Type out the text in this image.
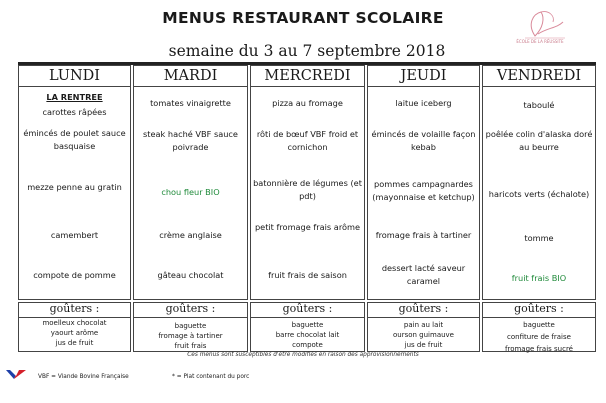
MENUS RESTAURANT SCOLAIRE
ÉCOLE DE LA RÉUSSITE
semaine du 3 au 7 septembre 2018
LUNDI
LA RENTREE
carottes râpées
émincés de poulet sauce basquaise
mezze penne au gratin
camembert
compote de pomme
MARDI
tomates vinaigrette
steak haché VBF sauce poivrade
chou fleur BIO
crème anglaise
gâteau chocolat
MERCREDI
pizza au fromage
rôti de bœuf VBF froid et cornichon
batonnière de légumes (et pdt)
petit fromage frais arôme
fruit frais de saison
JEUDI
laitue iceberg
émincés de volaille façon kebab
pommes campagnardes (mayonnaise et ketchup)
fromage frais à tartiner
dessert lacté saveur caramel
VENDREDI
taboulé
poêlée colin d'alaska doré au beurre
haricots verts (échalote)
tomme
fruit frais BIO
goûters :
moelleux chocolat
yaourt arôme
jus de fruit
goûters :
baguette
fromage à tartiner
fruit frais
goûters :
baguette
barre chocolat lait
compote
goûters :
pain au lait
ourson guimauve
jus de fruit
goûters :
baguette
confiture de fraise
fromage frais sucré
Ces menus sont susceptibles d'être modifiés en raison des approvisionnements
VBF = Viande Bovine Française	* = Plat contenant du porc
